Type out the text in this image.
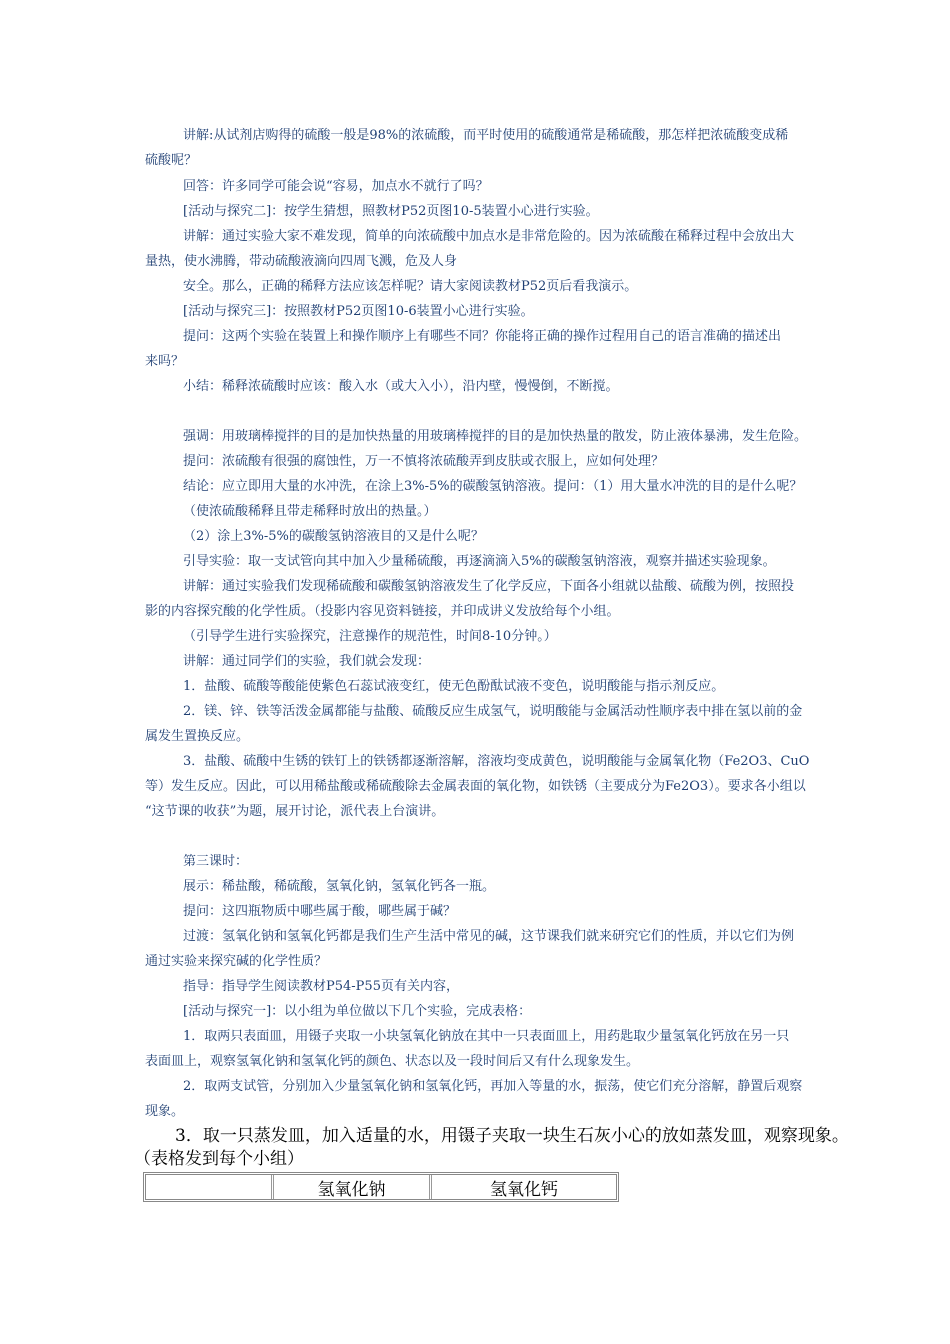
讲解:从试剂店购得的硫酸一般是98%的浓硫酸，而平时使用的硫酸通常是稀硫酸，那怎样把浓硫酸变成稀
硫酸呢？
回答：许多同学可能会说“容易，加点水不就行了吗？
[活动与探究二]：按学生猜想，照教材P52页图10-5装置小心进行实验。
讲解：通过实验大家不难发现，简单的向浓硫酸中加点水是非常危险的。因为浓硫酸在稀释过程中会放出大
量热，使水沸腾，带动硫酸液滴向四周飞溅，危及人身
安全。那么，正确的稀释方法应该怎样呢？请大家阅读教材P52页后看我演示。
[活动与探究三]：按照教材P52页图10-6装置小心进行实验。
提问：这两个实验在装置上和操作顺序上有哪些不同？你能将正确的操作过程用自己的语言准确的描述出
来吗？
小结：稀释浓硫酸时应该：酸入水（或大入小），沿内壁，慢慢倒，不断搅。
强调：用玻璃棒搅拌的目的是加快热量的用玻璃棒搅拌的目的是加快热量的散发，防止液体暴沸，发生危险。
提问：浓硫酸有很强的腐蚀性，万一不慎将浓硫酸弄到皮肤或衣服上，应如何处理？
结论：应立即用大量的水冲洗，在涂上3%-5%的碳酸氢钠溶液。提问：（1）用大量水冲洗的目的是什么呢？
（使浓硫酸稀释且带走稀释时放出的热量。）
（2）涂上3%-5%的碳酸氢钠溶液目的又是什么呢？
引导实验：取一支试管向其中加入少量稀硫酸，再逐滴滴入5%的碳酸氢钠溶液，观察并描述实验现象。
讲解：通过实验我们发现稀硫酸和碳酸氢钠溶液发生了化学反应，下面各小组就以盐酸、硫酸为例，按照投
影的内容探究酸的化学性质。（投影内容见资料链接，并印成讲义发放给每个小组。
（引导学生进行实验探究，注意操作的规范性，时间8-10分钟。）
讲解：通过同学们的实验，我们就会发现：
1．盐酸、硫酸等酸能使紫色石蕊试液变红，使无色酚酞试液不变色，说明酸能与指示剂反应。
2．镁、锌、铁等活泼金属都能与盐酸、硫酸反应生成氢气，说明酸能与金属活动性顺序表中排在氢以前的金
属发生置换反应。
3．盐酸、硫酸中生锈的铁钉上的铁锈都逐渐溶解，溶液均变成黄色，说明酸能与金属氧化物（Fe2O3、CuO
等）发生反应。因此，可以用稀盐酸或稀硫酸除去金属表面的氧化物，如铁锈（主要成分为Fe2O3）。要求各小组以
“这节课的收获”为题，展开讨论，派代表上台演讲。
第三课时：
展示：稀盐酸，稀硫酸，氢氧化钠，氢氧化钙各一瓶。
提问：这四瓶物质中哪些属于酸，哪些属于碱？
过渡：氢氧化钠和氢氧化钙都是我们生产生活中常见的碱，这节课我们就来研究它们的性质，并以它们为例
通过实验来探究碱的化学性质？
指导：指导学生阅读教材P54-P55页有关内容，
[活动与探究一]：以小组为单位做以下几个实验，完成表格：
1．取两只表面皿，用镊子夹取一小块氢氧化钠放在其中一只表面皿上，用药匙取少量氢氧化钙放在另一只
表面皿上，观察氢氧化钠和氢氧化钙的颜色、状态以及一段时间后又有什么现象发生。
2．取两支试管，分别加入少量氢氧化钠和氢氧化钙，再加入等量的水，振荡，使它们充分溶解，静置后观察
现象。
3．取一只蒸发皿，加入适量的水，用镊子夹取一块生石灰小心的放如蒸发皿，观察现象。
（表格发到每个小组）
氢氧化钠	氢氧化钙
